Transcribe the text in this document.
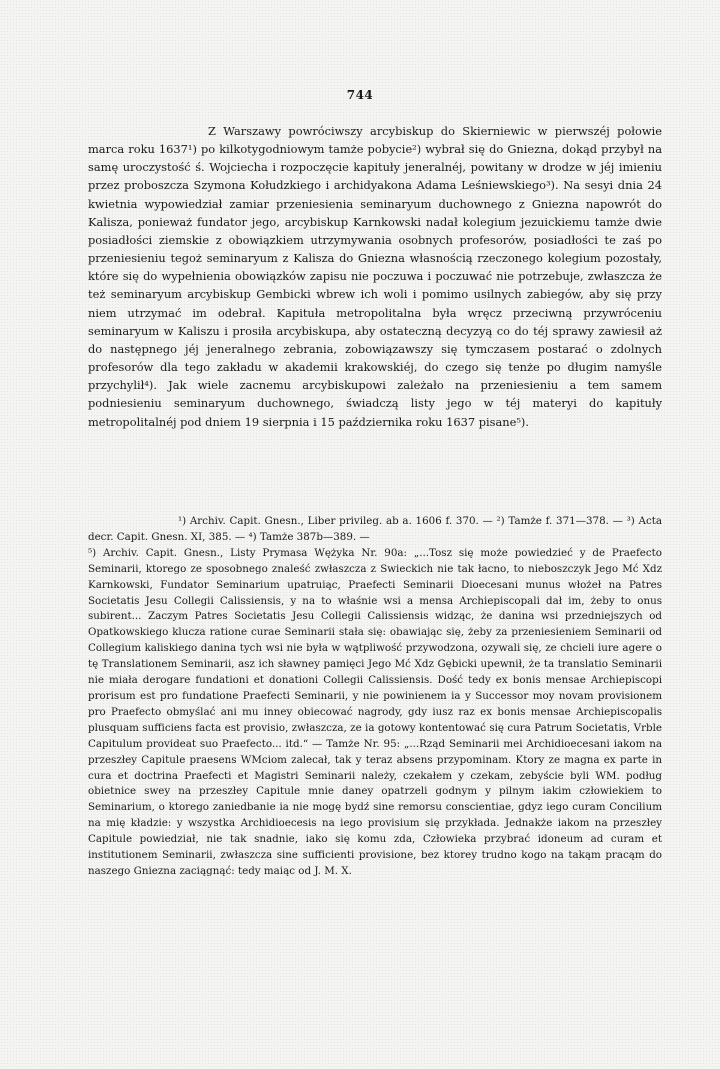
744

Z Warszawy powróciwszy arcybiskup do Skierniewic w pierwszéj połowie marca roku 1637¹) po kilkotygodniowym tamże pobycie²) wybrał się do Gniezna, dokąd przybył na samę uroczystość ś. Wojciecha i rozpoczęcie kapituły jeneralnéj, powitany w drodze w jéj imieniu przez proboszcza Szymona Kołudzkiego i archidyakona Adama Leśniewskiego³). Na sesyi dnia 24 kwietnia wypowiedział zamiar przeniesienia seminaryum duchownego z Gniezna napowrót do Kalisza, ponieważ fundator jego, arcybiskup Karnkowski nadał kolegium jezuickiemu tamże dwie posiadłości ziemskie z obowiązkiem utrzymywania osobnych profesorów, posiadłości te zaś po przeniesieniu tegoż seminaryum z Kalisza do Gniezna własnością rzeczonego kolegium pozostały, które się do wypełnienia obowiązków zapisu nie poczuwa i poczuwać nie potrzebuje, zwłaszcza że też seminaryum arcybiskup Gembicki wbrew ich woli i pomimo usilnych zabiegów, aby się przy niem utrzymać im odebrał. Kapituła metropolitalna była wręcz przeciwną przywróceniu seminaryum w Kaliszu i prosiła arcybiskupa, aby ostateczną decyzyą co do téj sprawy zawiesił aż do następnego jéj jeneralnego zebrania, zobowiązawszy się tymczasem postarać o zdolnych profesorów dla tego zakładu w akademii krakowskiéj, do czego się tenże po długim namyśle przychylił⁴). Jak wiele zacnemu arcybiskupowi zależało na przeniesieniu a tem samem podniesieniu seminaryum duchownego, świadczą listy jego w téj materyi do kapituły metropolitalnéj pod dniem 19 sierpnia i 15 października roku 1637 pisane⁵).

¹) Archiv. Capit. Gnesn., Liber privileg. ab a. 1606 f. 370. — ²) Tamże f. 371—378. — ³) Acta decr. Capit. Gnesn. XI, 385. — ⁴) Tamże 387b—389. —

⁵) Archiv. Capit. Gnesn., Listy Prymasa Wężyka Nr. 90a: „...Tosz się może powiedzieć y de Praefecto Seminarii, ktorego ze sposobnego znaleść zwłaszcza z Swieckich nie tak łacno, to nieboszczyk Jego Mć Xdz Karnkowski, Fundator Seminarium upatruiąc, Praefecti Seminarii Dioecesani munus włożeł na Patres Societatis Jesu Collegii Calissiensis, y na to właśnie wsi a mensa Archiepiscopali dał im, żeby to onus subirent... Zaczym Patres Societatis Jesu Collegii Calissiensis widząc, że danina wsi przedniejszych od Opatkowskiego klucza ratione curae Seminarii stała się: obawiając się, żeby za przeniesieniem Seminarii od Collegium kaliskiego danina tych wsi nie była w wątpliwość przywodzona, ozywali się, ze chcieli iure agere o tę Translationem Seminarii, asz ich sławney pamięci Jego Mć Xdz Gębicki upewnił, że ta translatio Seminarii nie miała derogare fundationi et donationi Collegii Calissiensis. Dość tedy ex bonis mensae Archiepiscopi prorisum est pro fundatione Praefecti Seminarii, y nie powinienem ia y Successor moy novam provisionem pro Praefecto obmyślać ani mu inney obiecować nagrody, gdy iusz raz ex bonis mensae Archiepiscopalis plusquam sufficiens facta est provisio, zwłaszcza, ze ia gotowy kontentować się cura Patrum Societatis, Vrble Capitulum provideat suo Praefecto... itd.“ — Tamże Nr. 95: „...Rząd Seminarii mei Archidioecesani iakom na przeszłey Capitule praesens WMciom zalecał, tak y teraz absens przypominam. Ktory ze magna ex parte in cura et doctrina Praefecti et Magistri Seminarii należy, czekałem y czekam, zebyście byli WM. podług obietnice swey na przeszłey Capitule mnie daney opatrzeli godnym y pilnym iakim człowiekiem to Seminarium, o ktorego zaniedbanie ia nie mogę bydź sine remorsu conscientiae, gdyz iego curam Concilium na mię kładzie: y wszystka Archidioecesis na iego provisium się przykłada. Jednakże iakom na przeszłey Capitule powiedział, nie tak snadnie, iako się komu zda, Człowieka przybrać idoneum ad curam et institutionem Seminarii, zwłaszcza sine sufficienti provisione, bez ktorey trudno kogo na takąm pracąm do naszego Gniezna zaciągnąć: tedy maiąc od J. M. X.
